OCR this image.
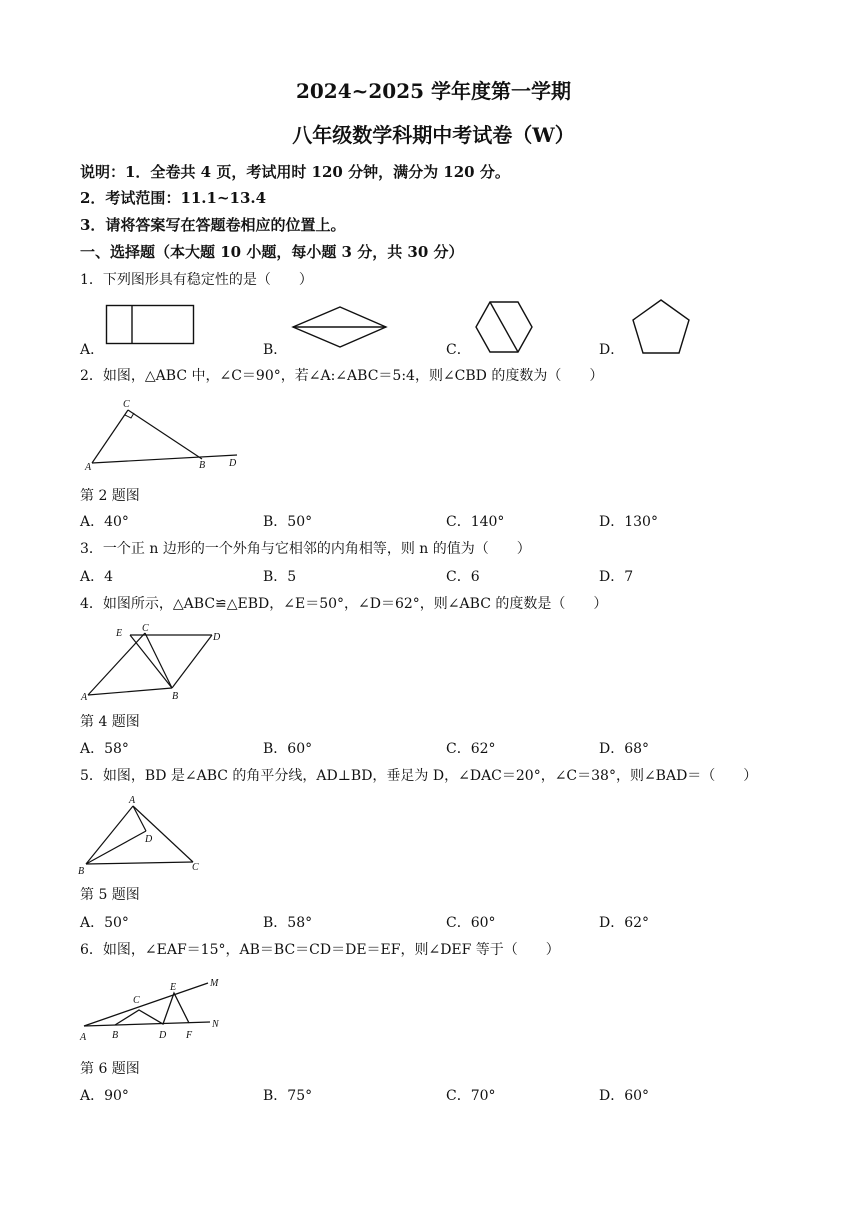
2024~2025 学年度第一学期
八年级数学科期中考试卷（W）
说明：1．全卷共 4 页，考试用时 120 分钟，满分为 120 分。
2．考试范围：11.1~13.4
3．请将答案写在答题卷相应的位置上。
一、选择题（本大题 10 小题，每小题 3 分，共 30 分）
1．下列图形具有稳定性的是（　　）
A．	B．	C．	D．
2．如图，△ABC 中，∠C＝90°，若∠A:∠ABC＝5:4，则∠CBD 的度数为（　　）
C
A	B D
第 2 题图
A．40°	B．50°	C．140°	D．130°
3．一个正 n 边形的一个外角与它相邻的内角相等，则 n 的值为（　　）
A．4	B．5	C．6	D．7
4．如图所示，△ABC≌△EBD，∠E＝50°，∠D＝62°，则∠ABC 的度数是（　　）
E C
D
A	B
第 4 题图
A．58°	B．60°	C．62°	D．68°
5．如图，BD 是∠ABC 的角平分线，AD⊥BD，垂足为 D，∠DAC＝20°，∠C＝38°，则∠BAD＝（　　）
A
D
B	C
第 5 题图
A．50°	B．58°	C．60°	D．62°
6．如图，∠EAF＝15°，AB＝BC＝CD＝DE＝EF，则∠DEF 等于（　　）
C
E	M
N
A	B	D F
第 6 题图
A．90°	B．75°	C．70°	D．60°
